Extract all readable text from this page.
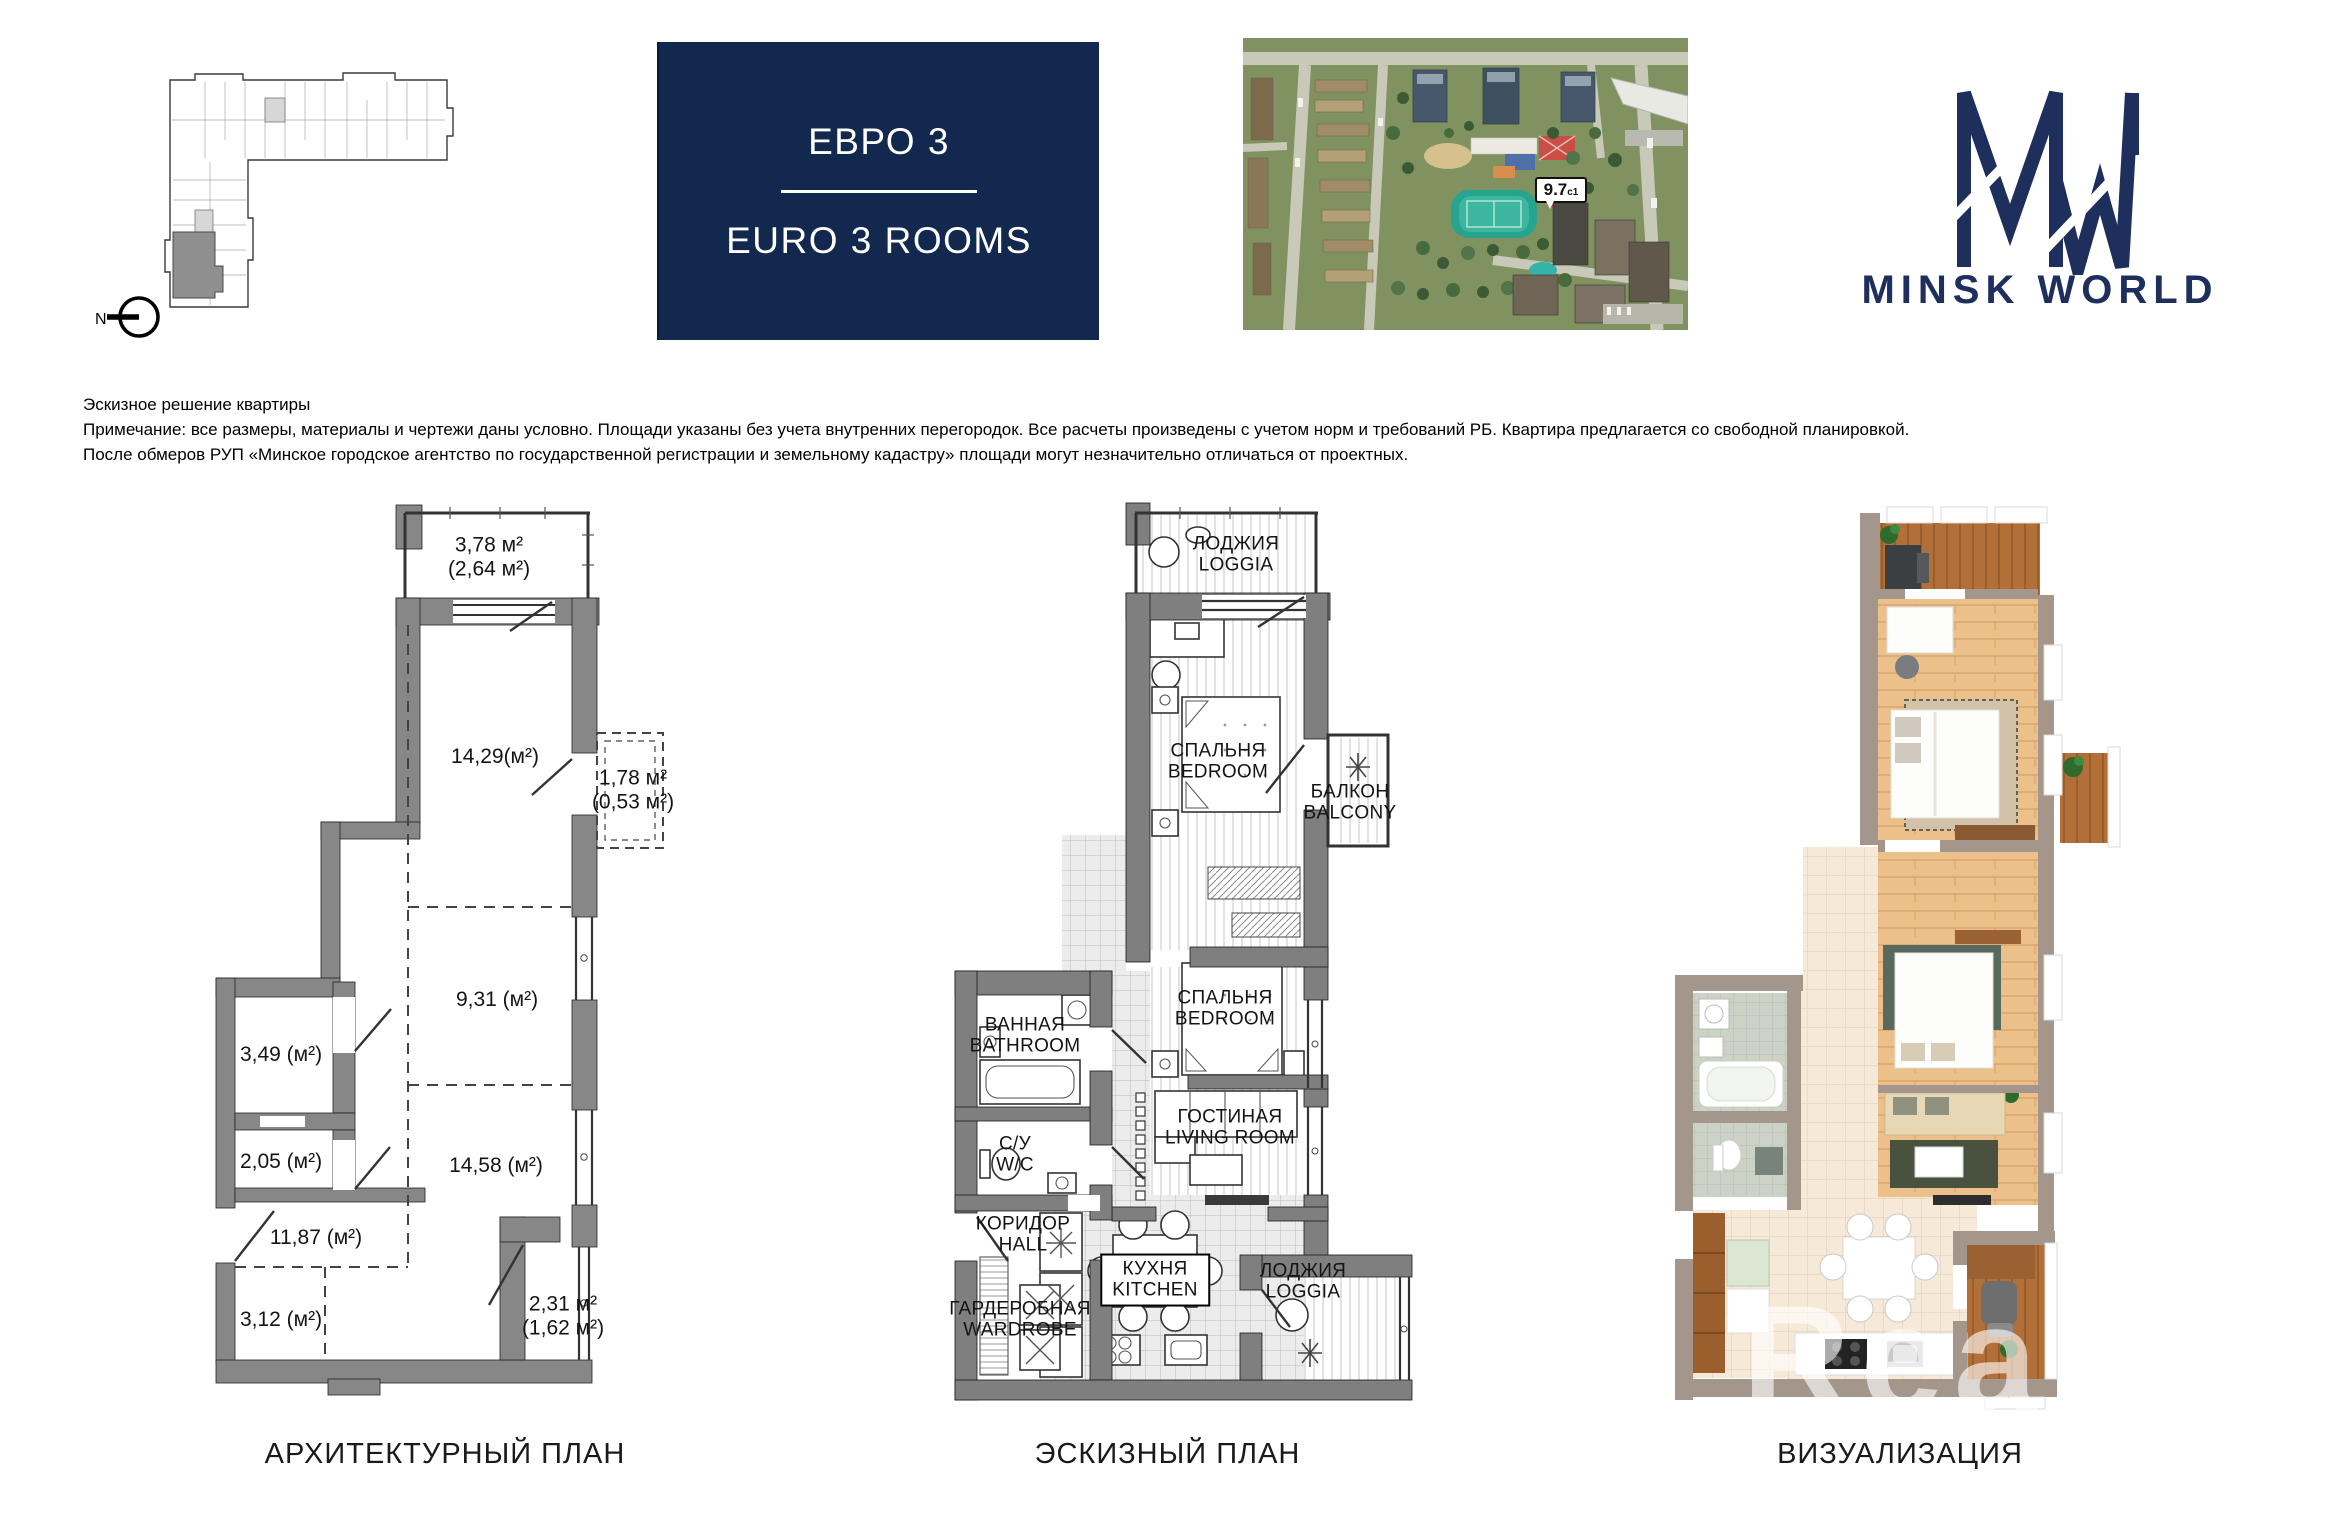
N
ЕВРО 3
EURO 3 ROOMS
9.7 с1
MINSK WORLD
Эскизное решение квартиры
Примечание: все размеры, материалы и чертежи даны условно. Площади указаны без учета внутренних перегородок. Все расчеты произведены с учетом норм и требований РБ. Квартира предлагается со свободной планировкой.
После обмеров РУП «Минское городское агентство по государственной регистрации и земельному кадастру» площади могут незначительно отличаться от проектных.
3,78 м²
(2,64 м²)
14,29(м²)
1,78 м²
(0,53 м²)
9,31 (м²)
3,49 (м²)
2,05 (м²)	14,58 (м²)
11,87 (м²)
3,12 (м²)
2,31 м²
(1,62 м²)
ЛОДЖИЯ
LOGGIA
СПАЛЬНЯ
BEDROOM
БАЛКОН
BALCONY
СПАЛЬНЯ
BEDROOM
ВАННАЯ
BATHROOM
ГОСТИНАЯ
LIVING ROOM
С/У
W/C
КОРИДОР
HALL
КУХНЯ
KITCHEN
ГАРДЕРОБНАЯ
WARDROBE
ЛОДЖИЯ
LOGGIA	Realt
АРХИТЕКТУРНЫЙ ПЛАН	ЭСКИЗНЫЙ ПЛАН	ВИЗУАЛИЗАЦИЯ
